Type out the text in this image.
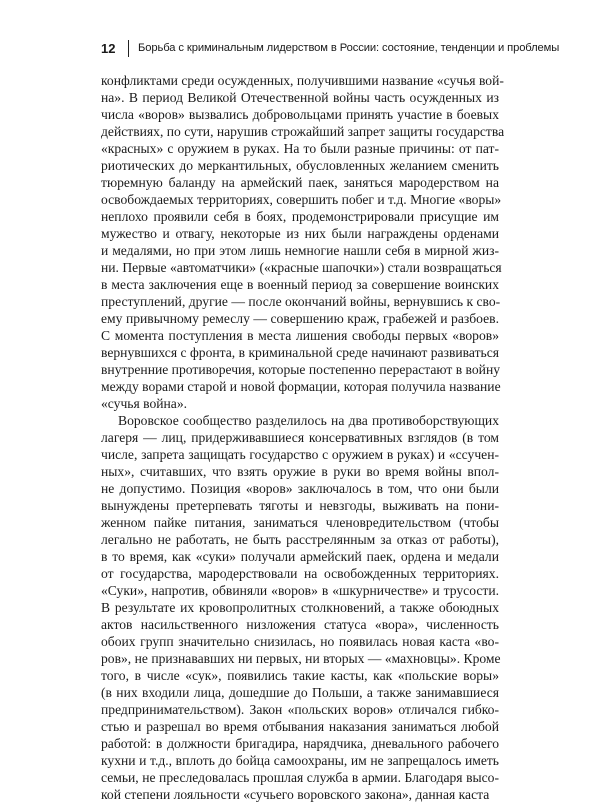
12 Борьба с криминальным лидерством в России: состояние, тенденции и проблемы
конфликтами среди осужденных, получившими название «сучья вой-
на». В период Великой Отечественной войны часть осужденных из
числа «воров» вызвались добровольцами принять участие в боевых
действиях, по сути, нарушив строжайший запрет защиты государства
«красных» с оружием в руках. На то были разные причины: от пат-
риотических до меркантильных, обусловленных желанием сменить
тюремную баланду на армейский паек, заняться мародерством на
освобождаемых территориях, совершить побег и т.д. Многие «воры»
неплохо проявили себя в боях, продемонстрировали присущие им
мужество и отвагу, некоторые из них были награждены орденами
и медалями, но при этом лишь немногие нашли себя в мирной жиз-
ни. Первые «автоматчики» («красные шапочки») стали возвращаться
в места заключения еще в военный период за совершение воинских
преступлений, другие — после окончаний войны, вернувшись к сво-
ему привычному ремеслу — совершению краж, грабежей и разбоев.
С момента поступления в места лишения свободы первых «воров»
вернувшихся с фронта, в криминальной среде начинают развиваться
внутренние противоречия, которые постепенно перерастают в войну
между ворами старой и новой формации, которая получила название
«сучья война».
Воровское сообщество разделилось на два противоборствующих
лагеря — лиц, придерживавшиеся консервативных взглядов (в том
числе, запрета защищать государство с оружием в руках) и «ссучен-
ных», считавших, что взять оружие в руки во время войны впол-
не допустимо. Позиция «воров» заключалось в том, что они были
вынуждены претерпевать тяготы и невзгоды, выживать на пони-
женном пайке питания, заниматься членовредительством (чтобы
легально не работать, не быть расстрелянным за отказ от работы),
в то время, как «суки» получали армейский паек, ордена и медали
от государства, мародерствовали на освобожденных территориях.
«Суки», напротив, обвиняли «воров» в «шкурничестве» и трусости.
В результате их кровопролитных столкновений, а также обоюдных
актов насильственного низложения статуса «вора», численность
обоих групп значительно снизилась, но появилась новая каста «во-
ров», не признававших ни первых, ни вторых — «махновцы». Кроме
того, в числе «сук», появились такие касты, как «польские воры»
(в них входили лица, дошедшие до Польши, а также занимавшиеся
предпринимательством). Закон «польских воров» отличался гибко-
стью и разрешал во время отбывания наказания заниматься любой
работой: в должности бригадира, нарядчика, дневального рабочего
кухни и т.д., вплоть до бойца самоохраны, им не запрещалось иметь
семьи, не преследовалась прошлая служба в армии. Благодаря высо-
кой степени лояльности «сучьего воровского закона», данная каста
